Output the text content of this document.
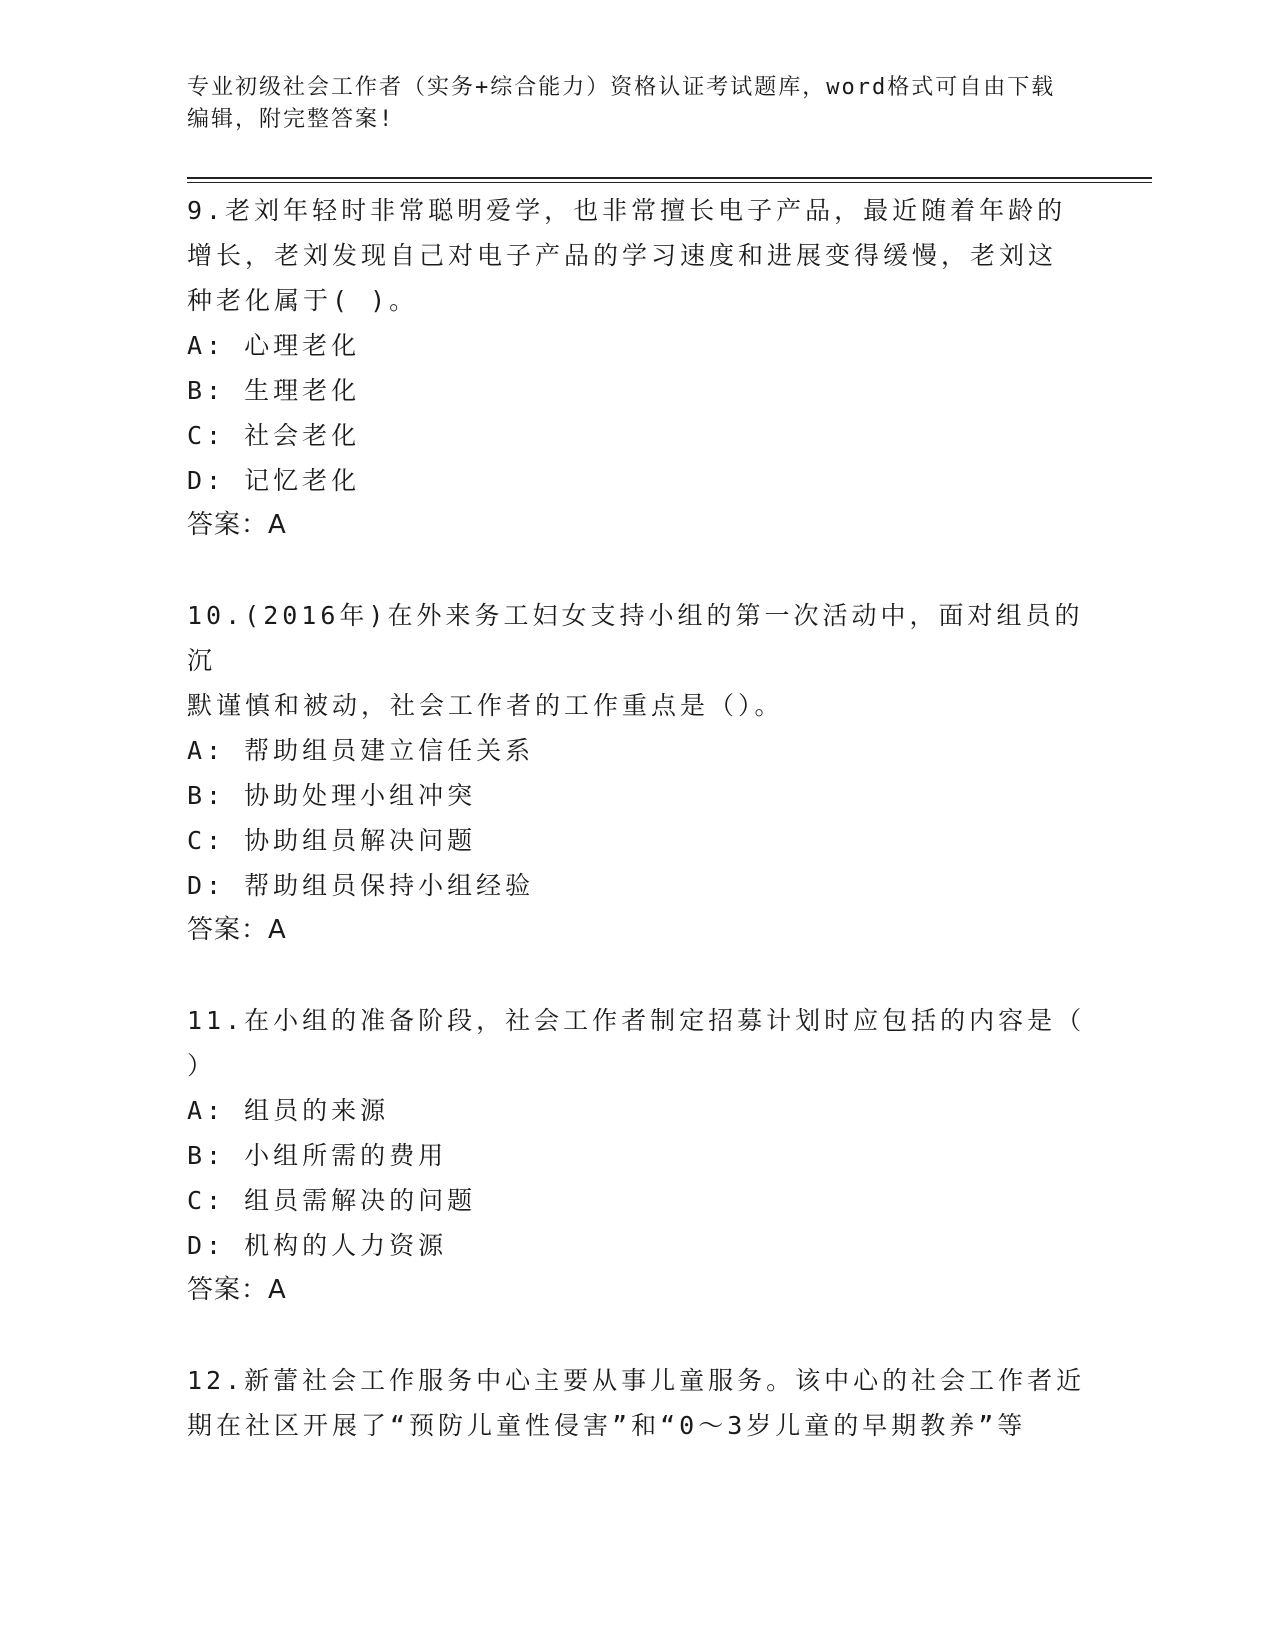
专业初级社会工作者（实务+综合能力）资格认证考试题库，word格式可自由下载
编辑，附完整答案!
9.老刘年轻时非常聪明爱学，也非常擅长电子产品，最近随着年龄的
增长，老刘发现自己对电子产品的学习速度和进展变得缓慢，老刘这
种老化属于( )。
A: 心理老化
B: 生理老化
C: 社会老化
D: 记忆老化
答案：A
10.(2016年)在外来务工妇女支持小组的第一次活动中，面对组员的沉
默谨慎和被动，社会工作者的工作重点是（）。
A: 帮助组员建立信任关系
B: 协助处理小组冲突
C: 协助组员解决问题
D: 帮助组员保持小组经验
答案：A
11.在小组的准备阶段，社会工作者制定招募计划时应包括的内容是（
）
A: 组员的来源
B: 小组所需的费用
C: 组员需解决的问题
D: 机构的人力资源
答案：A
12.新蕾社会工作服务中心主要从事儿童服务。该中心的社会工作者近
期在社区开展了“预防儿童性侵害”和“0～3岁儿童的早期教养”等
